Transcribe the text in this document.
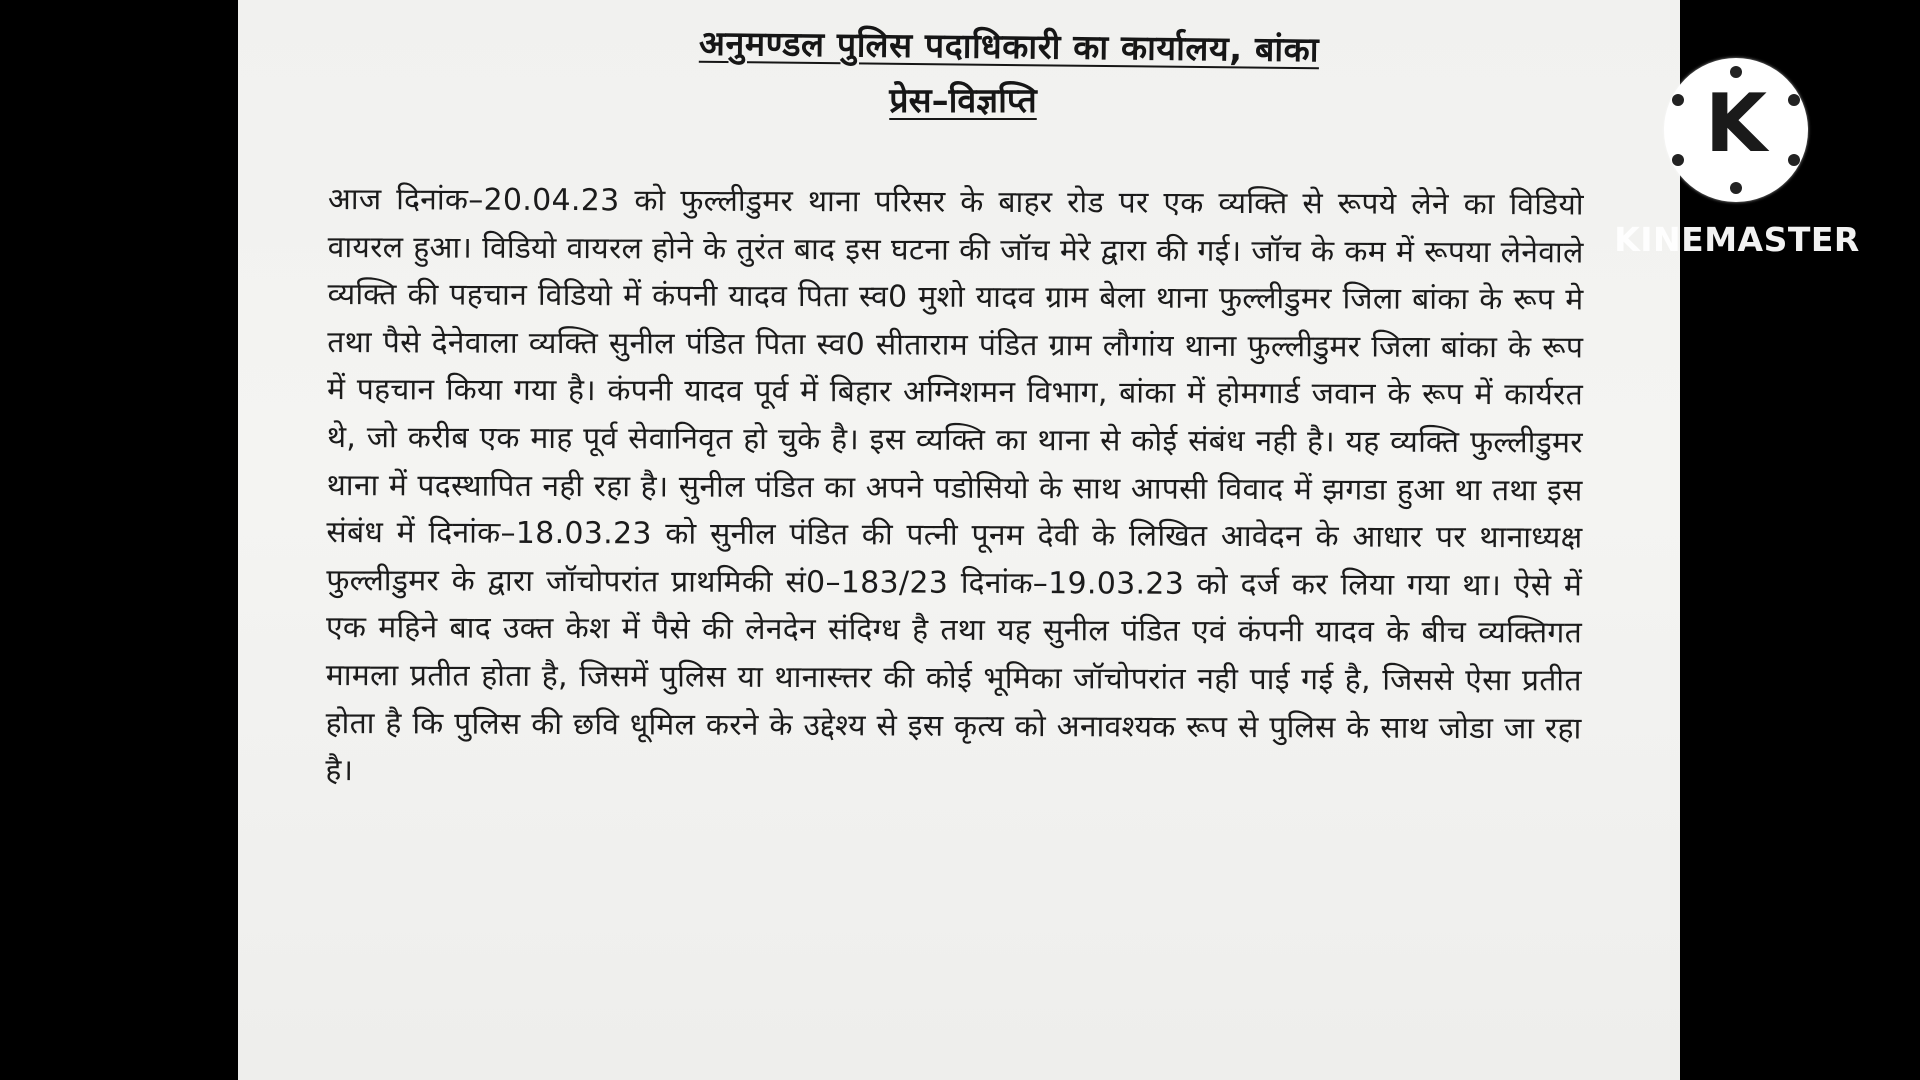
अनुमण्डल पुलिस पदाधिकारी का कार्यालय, बांका
प्रेस–विज्ञप्ति

आज दिनांक–20.04.23 को फुल्लीडुमर थाना परिसर के बाहर रोड पर एक व्यक्ति से रूपये लेने का विडियो वायरल हुआ। विडियो वायरल होने के तुरंत बाद इस घटना की जॉच मेरे द्वारा की गई। जॉच के कम में रूपया लेनेवाले व्यक्ति की पहचान विडियो में कंपनी यादव पिता स्व0 मुशो यादव ग्राम बेला थाना फुल्लीडुमर जिला बांका के रूप मे तथा पैसे देनेवाला व्यक्ति सुनील पंडित पिता स्व0 सीताराम पंडित ग्राम लौगांय थाना फुल्लीडुमर जिला बांका के रूप में पहचान किया गया है। कंपनी यादव पूर्व में बिहार अग्निशमन विभाग, बांका में होमगार्ड जवान के रूप में कार्यरत थे, जो करीब एक माह पूर्व सेवानिवृत हो चुके है। इस व्यक्ति का थाना से कोई संबंध नही है। यह व्यक्ति फुल्लीडुमर थाना में पदस्थापित नही रहा है। सुनील पंडित का अपने पडोसियो के साथ आपसी विवाद में झगडा हुआ था तथा इस संबंध में दिनांक–18.03.23 को सुनील पंडित की पत्नी पूनम देवी के लिखित आवेदन के आधार पर थानाध्यक्ष फुल्लीडुमर के द्वारा जॉचोपरांत प्राथमिकी सं0–183/23 दिनांक–19.03.23 को दर्ज कर लिया गया था। ऐसे में एक महिने बाद उक्त केश में पैसे की लेनदेन संदिग्ध है तथा यह सुनील पंडित एवं कंपनी यादव के बीच व्यक्तिगत मामला प्रतीत होता है, जिसमें पुलिस या थानास्त्तर की कोई भूमिका जॉचोपरांत नही पाई गई है, जिससे ऐसा प्रतीत होता है कि पुलिस की छवि धूमिल करने के उद्देश्य से इस कृत्य को अनावश्यक रूप से पुलिस के साथ जोडा जा रहा है।

K
KINEMASTER
